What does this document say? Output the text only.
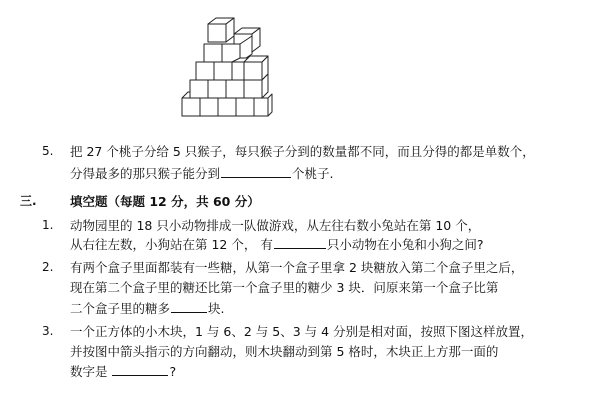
5. 把 27 个桃子分给 5 只猴子，每只猴子分到的数量都不同，而且分得的都是单数个，
分得最多的那只猴子能分到	个桃子.
三.	填空题（每题 12 分，共 60 分）
1. 动物园里的 18 只小动物排成一队做游戏，从左往右数小兔站在第 10 个，
从右往左数，小狗站在第 12 个， 有	只小动物在小兔和小狗之间?
2. 有两个盒子里面都装有一些糖，从第一个盒子里拿 2 块糖放入第二个盒子里之后，
现在第二个盒子里的糖还比第一个盒子里的糖少 3 块．问原来第一个盒子比第
二个盒子里的糖多	块.
3. 一个正方体的小木块，1 与 6、2 与 5、3 与 4 分别是相对面，按照下图这样放置，
并按图中箭头指示的方向翻动，则木块翻动到第 5 格时，木块正上方那一面的
数字是	?
